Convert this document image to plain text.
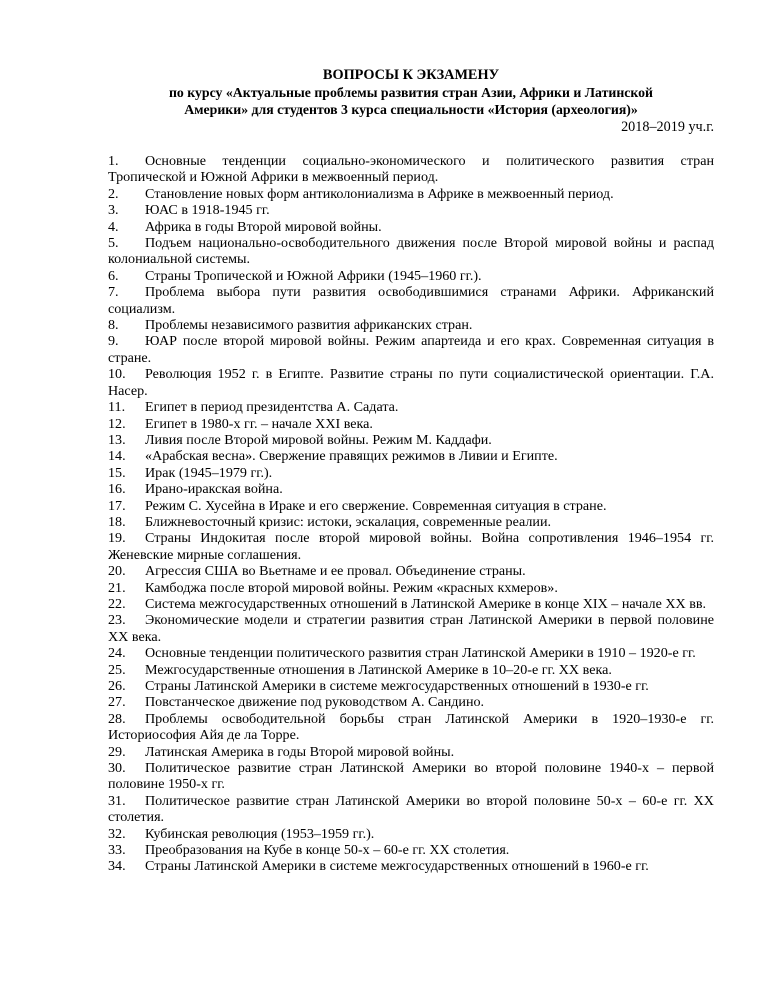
ВОПРОСЫ К ЭКЗАМЕНУ

по курсу «Актуальные проблемы развития стран Азии, Африки и Латинской

Америки» для студентов 3 курса специальности «История (археология)»

2018–2019 уч.г.
1. Основные тенденции социально-экономического и политического развития стран Тропической и Южной Африки в межвоенный период.
2. Становление новых форм антиколониализма в Африке в межвоенный период.
3. ЮАС в 1918-1945 гг.
4. Африка в годы Второй мировой войны.
5. Подъем национально-освободительного движения после Второй мировой войны и распад колониальной системы.
6. Страны Тропической и Южной Африки (1945–1960 гг.).
7. Проблема выбора пути развития освободившимися странами Африки. Африканский социализм.
8. Проблемы независимого развития африканских стран.
9. ЮАР после второй мировой войны. Режим апартеида и его крах. Современная ситуация в стране.
10. Революция 1952 г. в Египте. Развитие страны по пути социалистической ориентации. Г.А. Насер.
11. Египет в период президентства А. Садата.
12. Египет в 1980-х гг. – начале XXI века.
13. Ливия после Второй мировой войны. Режим М. Каддафи.
14. «Арабская весна». Свержение правящих режимов в Ливии и Египте.
15. Ирак (1945–1979 гг.).
16. Ирано-иракская война.
17. Режим С. Хусейна в Ираке и его свержение. Современная ситуация в стране.
18. Ближневосточный кризис: истоки, эскалация, современные реалии.
19. Страны Индокитая после второй мировой войны. Война сопротивления 1946–1954 гг. Женевские мирные соглашения.
20. Агрессия США во Вьетнаме и ее провал. Объединение страны.
21. Камбоджа после второй мировой войны. Режим «красных кхмеров».
22. Система межгосударственных отношений в Латинской Америке в конце XIX – начале XX вв.
23. Экономические модели и стратегии развития стран Латинской Америки в первой половине XX века.
24. Основные тенденции политического развития стран Латинской Америки в 1910 – 1920-е гг.
25. Межгосударственные отношения в Латинской Америке в 10–20-е гг. XX века.
26. Страны Латинской Америки в системе межгосударственных отношений в 1930-е гг.
27. Повстанческое движение под руководством А. Сандино.
28. Проблемы освободительной борьбы стран Латинской Америки в 1920–1930-е гг. Историософия Айя де ла Торре.
29. Латинская Америка в годы Второй мировой войны.
30. Политическое развитие стран Латинской Америки во второй половине 1940-х – первой половине 1950-х гг.
31. Политическое развитие стран Латинской Америки во второй половине 50-х – 60-е гг. XX столетия.
32. Кубинская революция (1953–1959 гг.).
33. Преобразования на Кубе в конце 50-х – 60-е гг. XX столетия.
34. Страны Латинской Америки в системе межгосударственных отношений в 1960-е гг.
